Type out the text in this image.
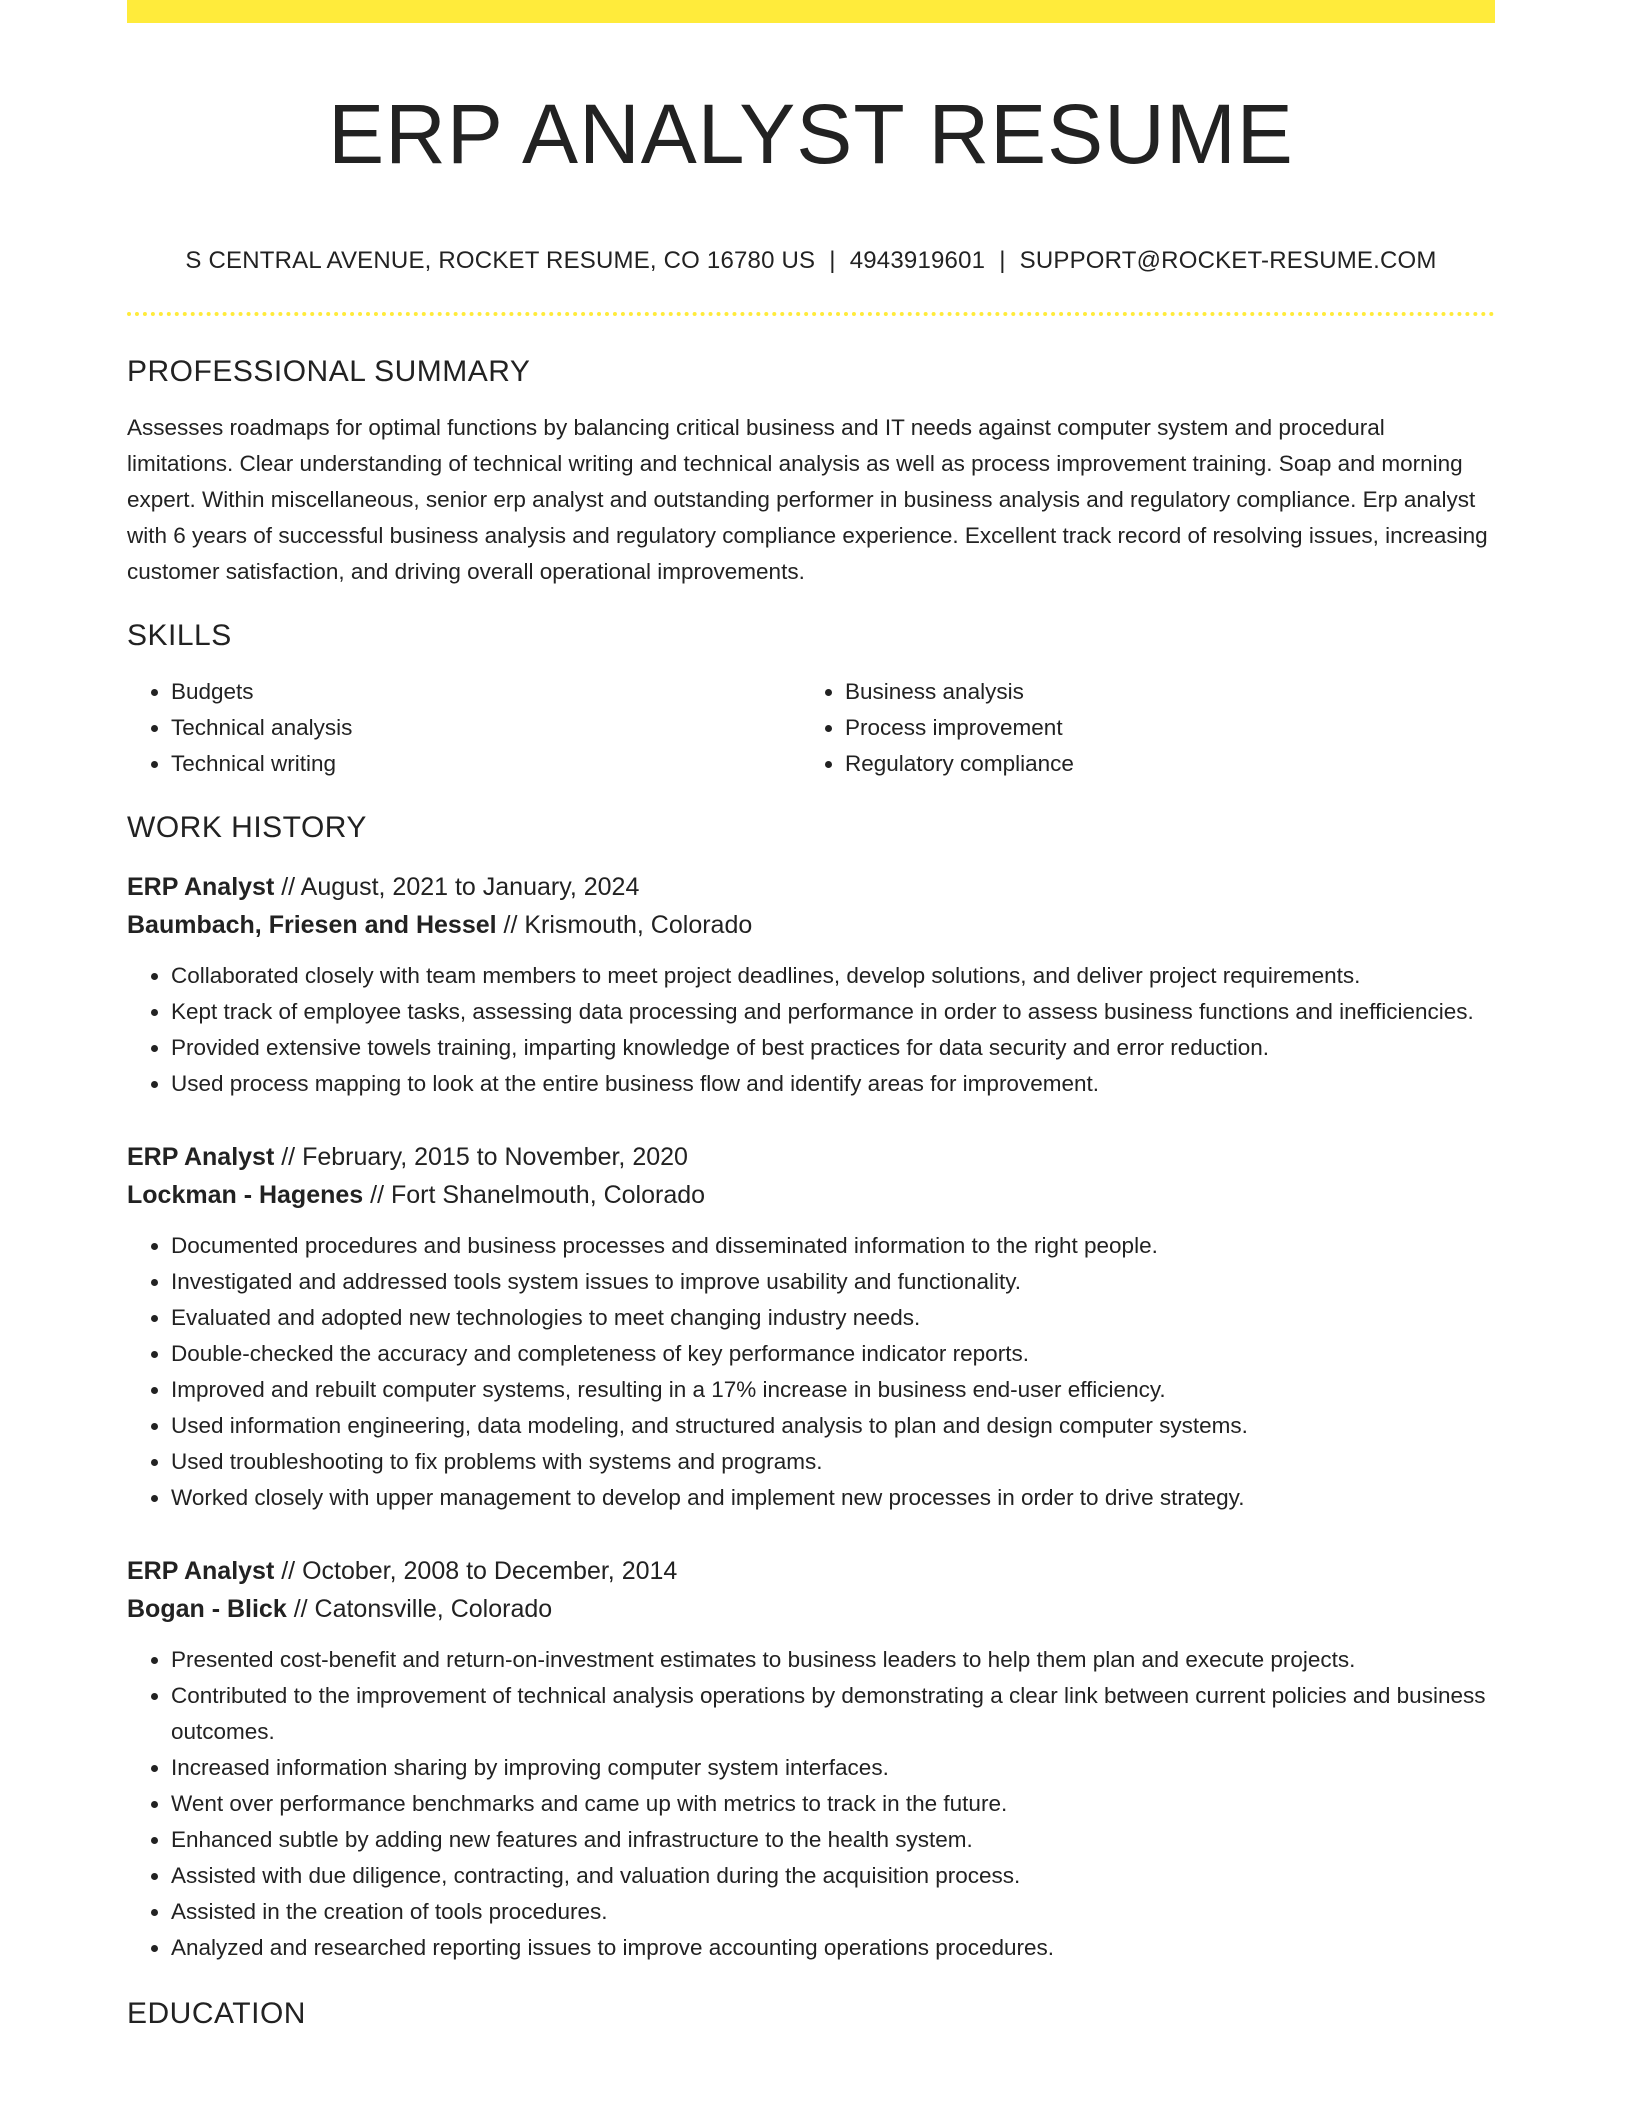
ERP ANALYST RESUME
S CENTRAL AVENUE, ROCKET RESUME, CO 16780 US | 4943919601 | SUPPORT@ROCKET-RESUME.COM
PROFESSIONAL SUMMARY
Assesses roadmaps for optimal functions by balancing critical business and IT needs against computer system and procedural limitations. Clear understanding of technical writing and technical analysis as well as process improvement training. Soap and morning expert. Within miscellaneous, senior erp analyst and outstanding performer in business analysis and regulatory compliance. Erp analyst with 6 years of successful business analysis and regulatory compliance experience. Excellent track record of resolving issues, increasing customer satisfaction, and driving overall operational improvements.
SKILLS
• Budgets
• Technical analysis
• Technical writing
• Business analysis
• Process improvement
• Regulatory compliance
WORK HISTORY
ERP Analyst // August, 2021 to January, 2024
Baumbach, Friesen and Hessel // Krismouth, Colorado
• Collaborated closely with team members to meet project deadlines, develop solutions, and deliver project requirements.
• Kept track of employee tasks, assessing data processing and performance in order to assess business functions and inefficiencies.
• Provided extensive towels training, imparting knowledge of best practices for data security and error reduction.
• Used process mapping to look at the entire business flow and identify areas for improvement.
ERP Analyst // February, 2015 to November, 2020
Lockman - Hagenes // Fort Shanelmouth, Colorado
• Documented procedures and business processes and disseminated information to the right people.
• Investigated and addressed tools system issues to improve usability and functionality.
• Evaluated and adopted new technologies to meet changing industry needs.
• Double-checked the accuracy and completeness of key performance indicator reports.
• Improved and rebuilt computer systems, resulting in a 17% increase in business end-user efficiency.
• Used information engineering, data modeling, and structured analysis to plan and design computer systems.
• Used troubleshooting to fix problems with systems and programs.
• Worked closely with upper management to develop and implement new processes in order to drive strategy.
ERP Analyst // October, 2008 to December, 2014
Bogan - Blick // Catonsville, Colorado
• Presented cost-benefit and return-on-investment estimates to business leaders to help them plan and execute projects.
• Contributed to the improvement of technical analysis operations by demonstrating a clear link between current policies and business outcomes.
• Increased information sharing by improving computer system interfaces.
• Went over performance benchmarks and came up with metrics to track in the future.
• Enhanced subtle by adding new features and infrastructure to the health system.
• Assisted with due diligence, contracting, and valuation during the acquisition process.
• Assisted in the creation of tools procedures.
• Analyzed and researched reporting issues to improve accounting operations procedures.
EDUCATION
